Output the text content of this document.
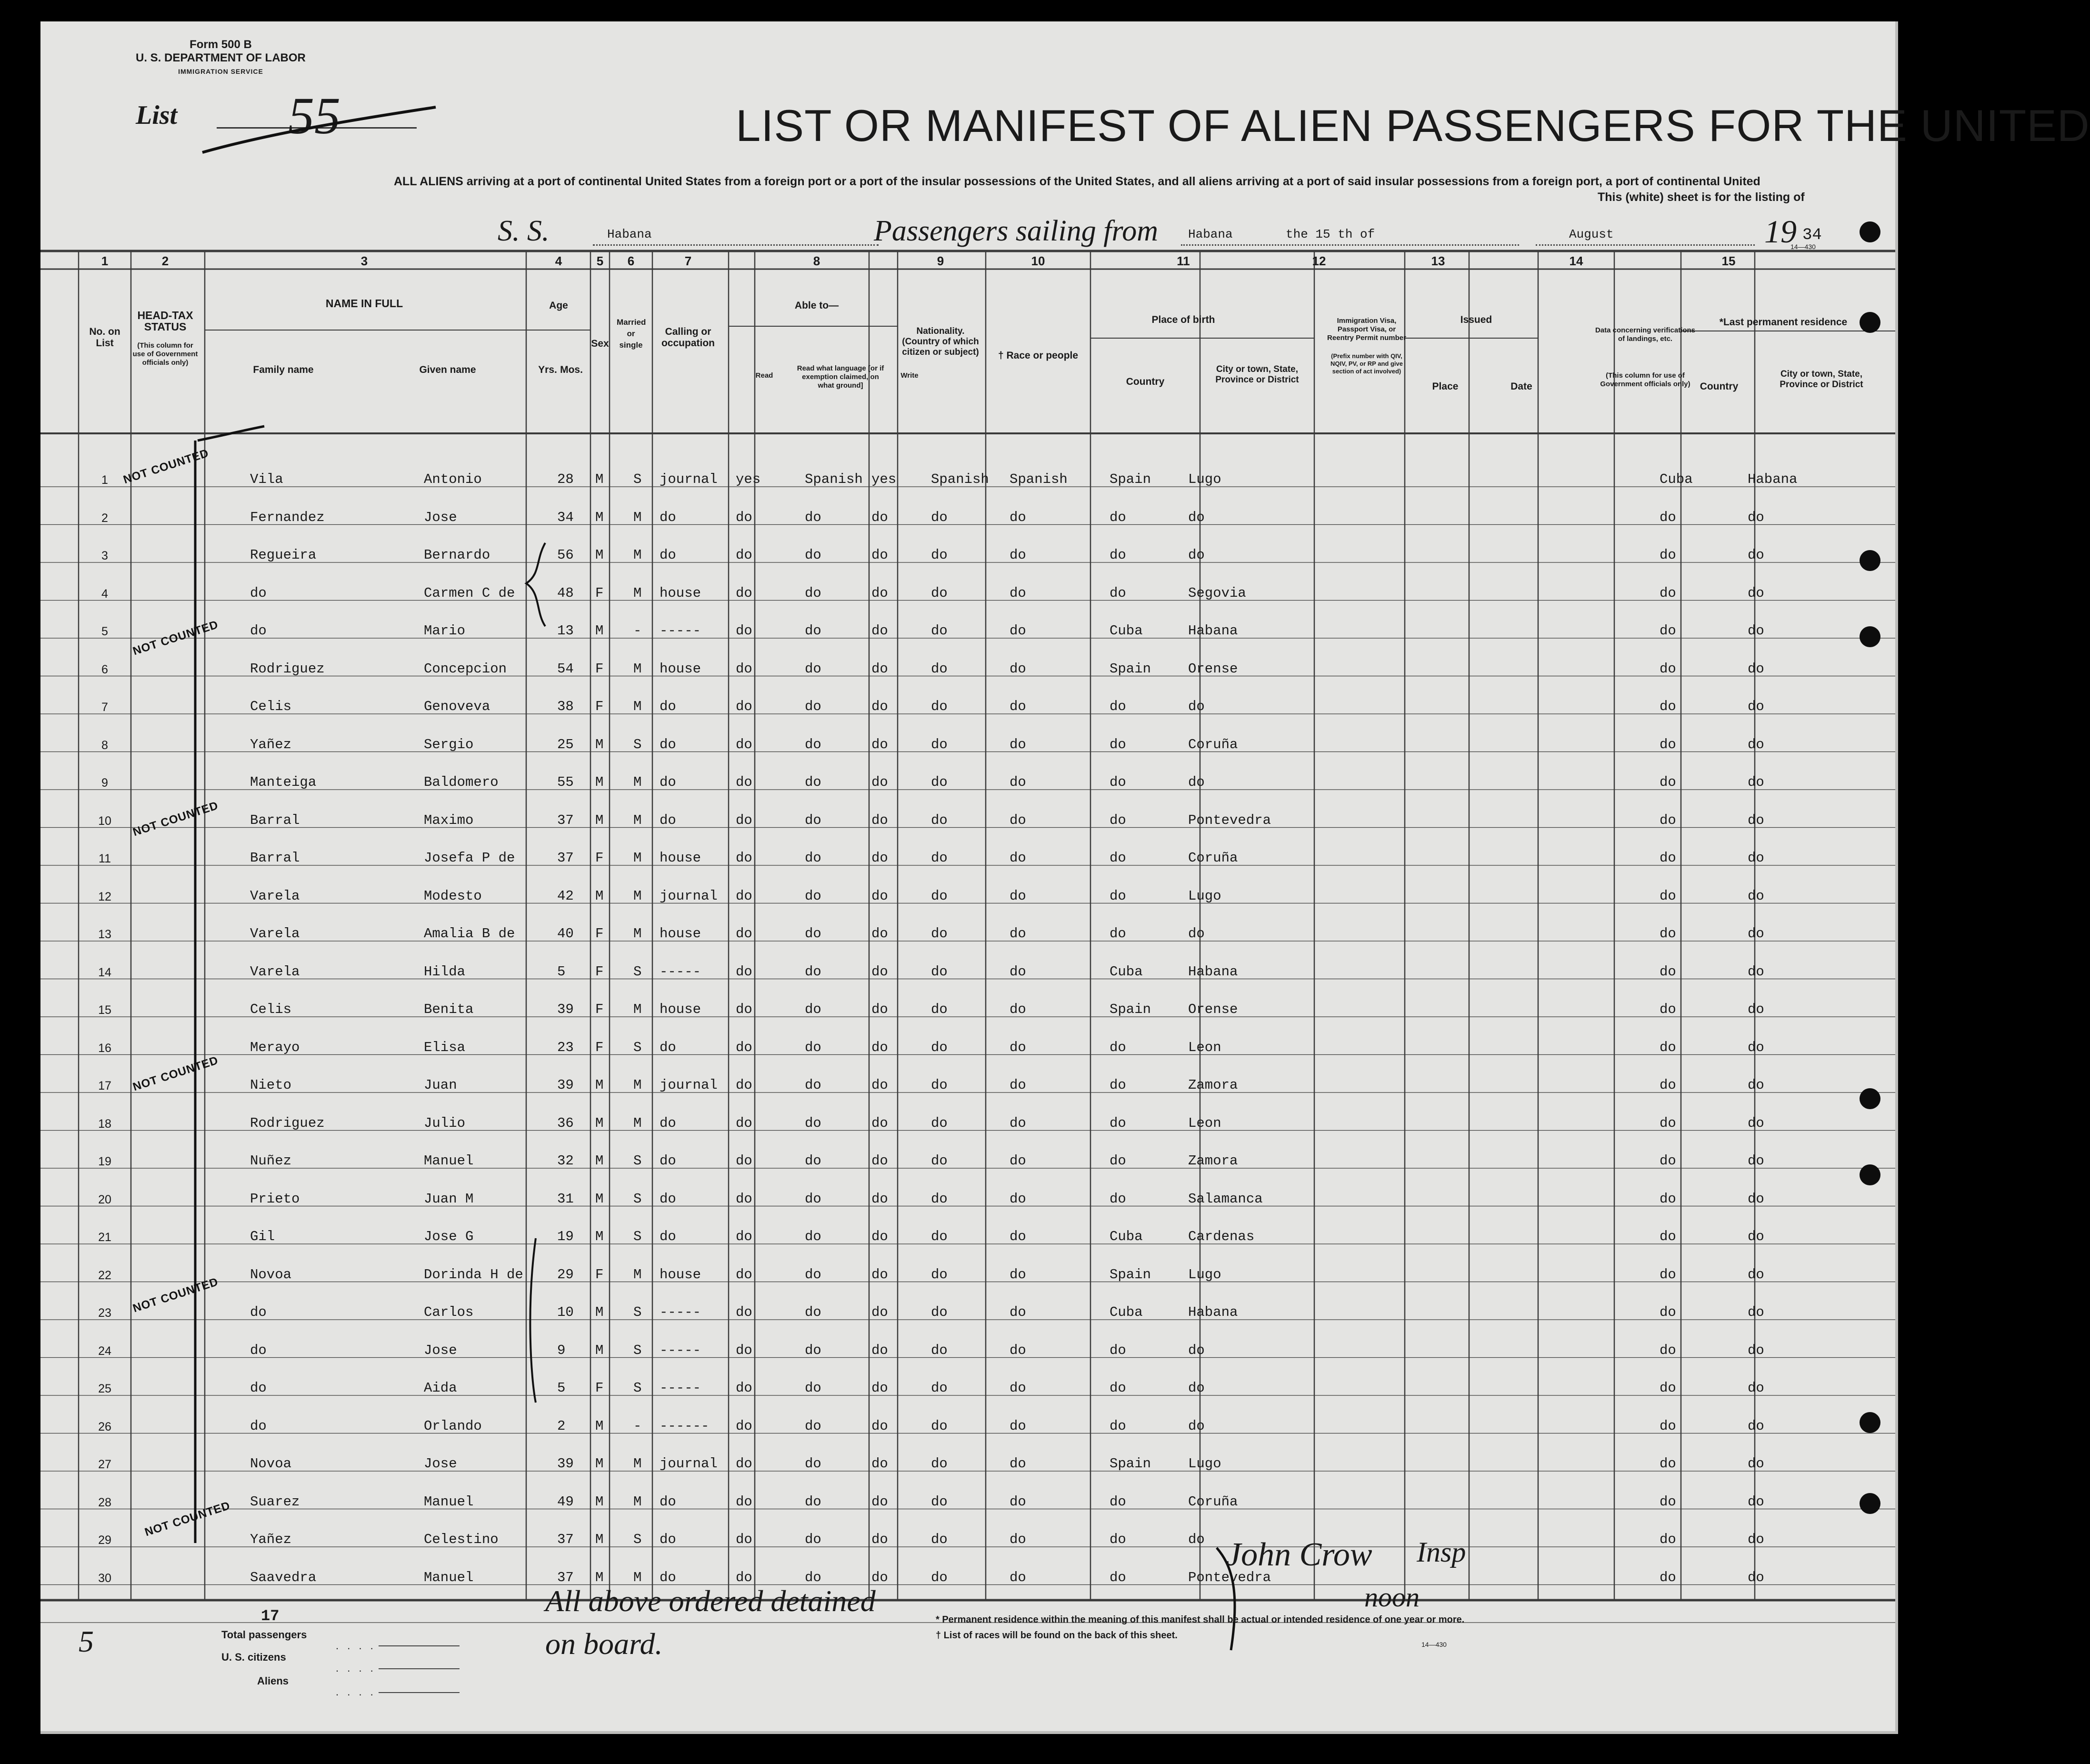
Form 500 B
U. S. DEPARTMENT OF LABOR
IMMIGRATION SERVICE
List 55	LIST OR MANIFEST OF ALIEN PASSENGERS FOR THE UNITED
ALL ALIENS arriving at a port of continental United States from a foreign port or a port of the insular possessions of the United States, and all aliens arriving at a port of said insular possessions from a foreign port, a port of continental United
This (white) sheet is for the listing of
S. S.	Habana	Passengers sailing from Habana	the 15 th of	August	19 34
14—430
1	2	3	4	5 6	7	8	9	10	11	12	13	14	15
No. on List
HEAD-TAX STATUS
(This column for use of Government officials only)
NAME IN FULL
Family name	Given name
Age
Yrs. Mos.
Sex
Married or single
Calling or occupation
Able to—
Read
Read what language [or if exemption claimed, on what ground]
Write
Nationality. (Country of which citizen or subject)	† Race or people
Place of birth
Country
City or town, State, Province or District
Immigration Visa, Passport Visa, or Reentry Permit number
(Prefix number with QIV, NQIV, PV, or RP and give section of act involved)
Issued
Place	Date
Data concerning verifications of landings, etc.
(This column for use of Government officials only)
*Last permanent residence
Country
City or town, State, Province or District
1	Vila	Antonio	28 M S journal yes	Spanish yes	Spanish Spanish	Spain	Lugo	Cuba	Habana
2	Fernandez	Jose	34 M M do	do	do	do	do	do	do	do	do	do
3	Regueira	Bernardo	56 M M do	do	do	do	do	do	do	do	do	do
4	do	Carmen C de	48 F M house	do	do	do	do	do	do	Segovia	do	do
5	do	Mario	13 M - -----	do	do	do	do	do	Cuba	Habana	do	do
6	Rodriguez	Concepcion	54 F M house	do	do	do	do	do	Spain	Orense	do	do
7	Celis	Genoveva	38 F M do	do	do	do	do	do	do	do	do	do
8	Yañez	Sergio	25 M S do	do	do	do	do	do	do	Coruña	do	do
9	Manteiga	Baldomero	55 M M do	do	do	do	do	do	do	do	do	do
10	Barral	Maximo	37 M M do	do	do	do	do	do	do	Pontevedra	do	do
11	Barral	Josefa P de	37 F M house	do	do	do	do	do	do	Coruña	do	do
12	Varela	Modesto	42 M M journal do	do	do	do	do	do	Lugo	do	do
13	Varela	Amalia B de	40 F M house	do	do	do	do	do	do	do	do	do
14	Varela	Hilda	5 F S -----	do	do	do	do	do	Cuba	Habana	do	do
15	Celis	Benita	39 F M house	do	do	do	do	do	Spain	Orense	do	do
16	Merayo	Elisa	23 F S do	do	do	do	do	do	do	Leon	do	do
17	Nieto	Juan	39 M M journal do	do	do	do	do	do	Zamora	do	do
18	Rodriguez	Julio	36 M M do	do	do	do	do	do	do	Leon	do	do
19	Nuñez	Manuel	32 M S do	do	do	do	do	do	do	Zamora	do	do
20	Prieto	Juan M	31 M S do	do	do	do	do	do	do	Salamanca	do	do
21	Gil	Jose G	19 M S do	do	do	do	do	do	Cuba	Cardenas	do	do
22	Novoa	Dorinda H de 29 F M house	do	do	do	do	do	Spain	Lugo	do	do
23	do	Carlos	10 M S -----	do	do	do	do	do	Cuba	Habana	do	do
24	do	Jose	9 M S -----	do	do	do	do	do	do	do	do	do
25	do	Aida	5 F S -----	do	do	do	do	do	do	do	do	do
26	do	Orlando	2 M - ------ do	do	do	do	do	do	do	do	do
27	Novoa	Jose	39 M M journal do	do	do	do	do	Spain	Lugo	do	do
28	Suarez	Manuel	49 M M do	do	do	do	do	do	do	Coruña	do	do
29	Yañez	Celestino	37 M S do	do	do	do	do	do	do	do	do	do
30	Saavedra	Manuel	37 M M do	do	do	do	do	do	do	Pontevedra	do	do
NOT COUNTED
NOT COUNTED
NOT COUNTED
NOT COUNTED
NOT COUNTED
NOT COUNTED
5
17
Total passengers
U. S. citizens
Aliens
. . . .
. . . .
. . . .
All above ordered detained
on board.
John Crow Insp
noon
* Permanent residence within the meaning of this manifest shall be actual or intended residence of one year or more.
† List of races will be found on the back of this sheet.
14—430
